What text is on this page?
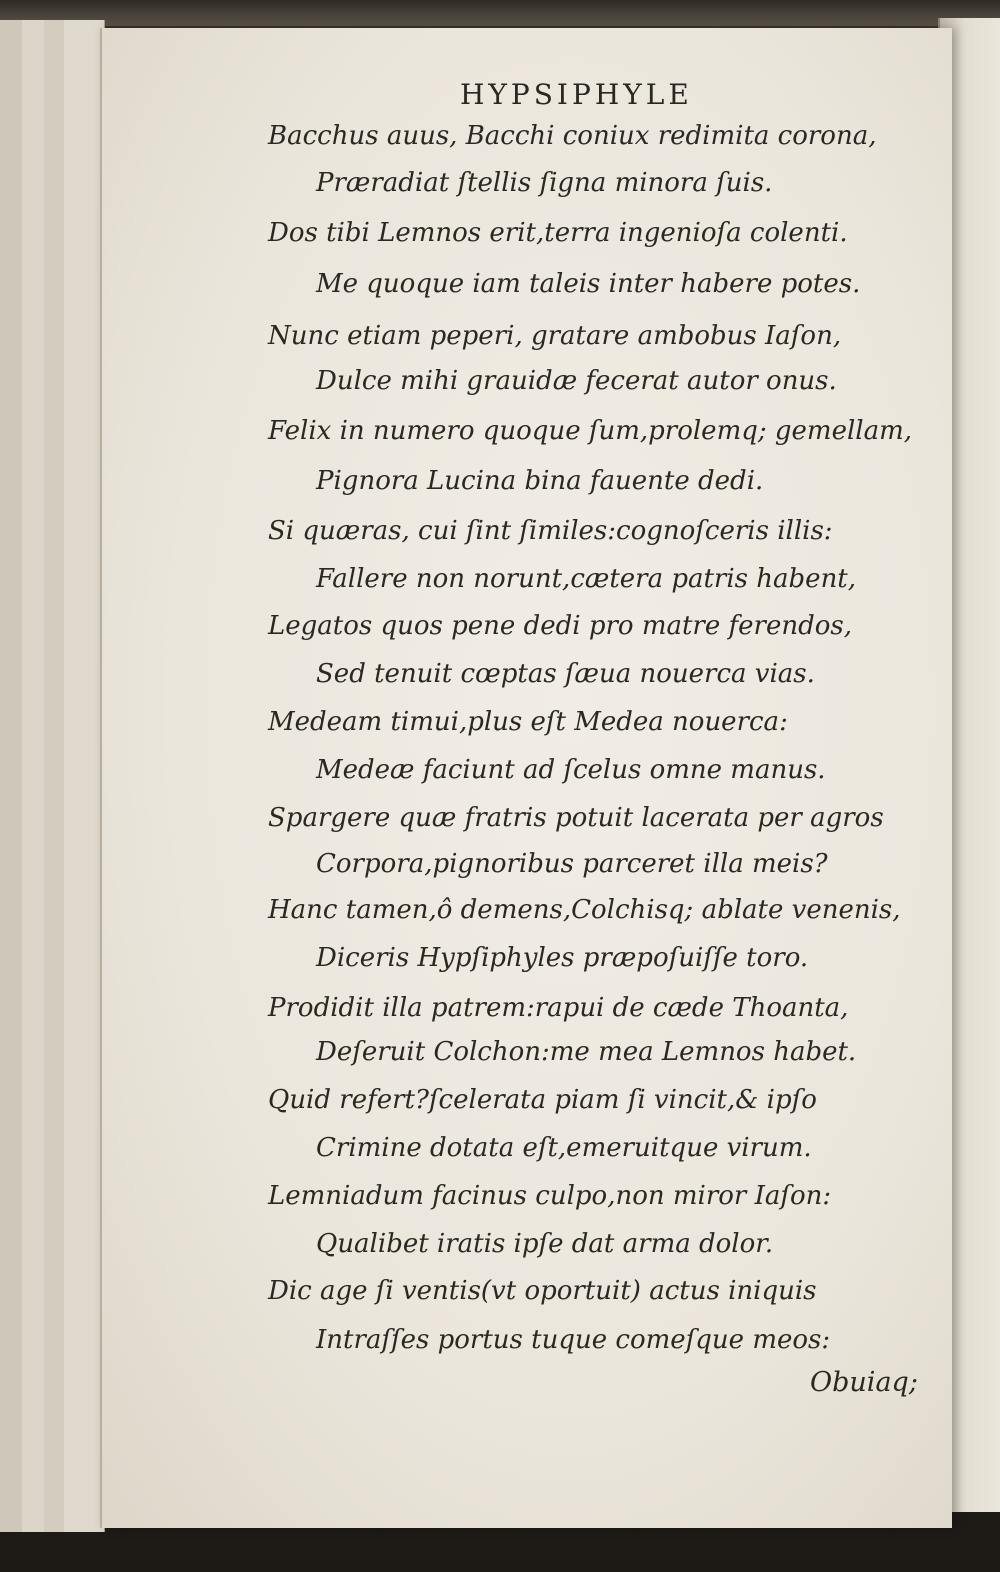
HYPSIPHYLE
Bacchus auus, Bacchi coniux redimita corona,
Præradiat ſtellis ſigna minora ſuis.
Dos tibi Lemnos erit,terra ingenioſa colenti.
Me quoque iam taleis inter habere potes.
Nunc etiam peperi, gratare ambobus Iaſon,
Dulce mihi grauidæ fecerat autor onus.
Felix in numero quoque ſum,prolemq; gemellam,
Pignora Lucina bina fauente dedi.
Si quæras, cui ſint ſimiles:cognoſceris illis:
Fallere non norunt,cætera patris habent,
Legatos quos pene dedi pro matre ferendos,
Sed tenuit cœptas ſæua nouerca vias.
Medeam timui,plus eſt Medea nouerca:
Medeæ faciunt ad ſcelus omne manus.
Spargere quæ fratris potuit lacerata per agros
Corpora,pignoribus parceret illa meis?
Hanc tamen,ô demens,Colchisq; ablate venenis,
Diceris Hypſiphyles præpoſuiſſe toro.
Prodidit illa patrem:rapui de cæde Thoanta,
Deſeruit Colchon:me mea Lemnos habet.
Quid refert?ſcelerata piam ſi vincit,& ipſo
Crimine dotata eſt,emeruitque virum.
Lemniadum facinus culpo,non miror Iaſon:
Qualibet iratis ipſe dat arma dolor.
Dic age ſi ventis(vt oportuit) actus iniquis
Intraſſes portus tuque comeſque meos:

Obuiaq;
